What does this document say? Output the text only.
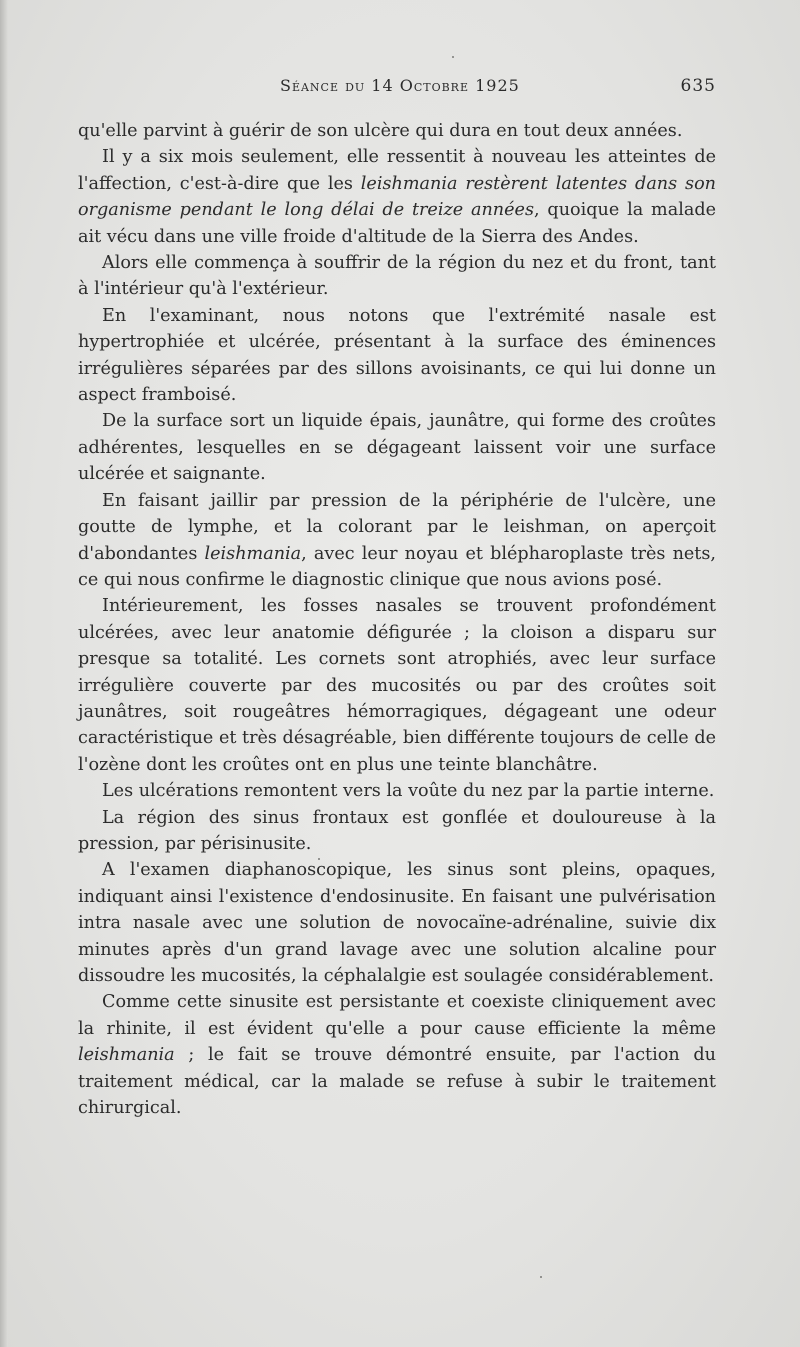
Séance du 14 Octobre 1925	635

qu'elle parvint à guérir de son ulcère qui dura en tout deux années.

Il y a six mois seulement, elle ressentit à nouveau les atteintes de l'affection, c'est-à-dire que les leishmania restèrent latentes dans son organisme pendant le long délai de treize années, quoique la malade ait vécu dans une ville froide d'altitude de la Sierra des Andes.

Alors elle commença à souffrir de la région du nez et du front, tant à l'intérieur qu'à l'extérieur.

En l'examinant, nous notons que l'extrémité nasale est hypertrophiée et ulcérée, présentant à la surface des éminences irrégulières séparées par des sillons avoisinants, ce qui lui donne un aspect framboisé.

De la surface sort un liquide épais, jaunâtre, qui forme des croûtes adhérentes, lesquelles en se dégageant laissent voir une surface ulcérée et saignante.

En faisant jaillir par pression de la périphérie de l'ulcère, une goutte de lymphe, et la colorant par le leishman, on aperçoit d'abondantes leishmania, avec leur noyau et blépharoplaste très nets, ce qui nous confirme le diagnostic clinique que nous avions posé.

Intérieurement, les fosses nasales se trouvent profondément ulcérées, avec leur anatomie défigurée ; la cloison a disparu sur presque sa totalité. Les cornets sont atrophiés, avec leur surface irrégulière couverte par des mucosités ou par des croûtes soit jaunâtres, soit rougeâtres hémorragiques, dégageant une odeur caractéristique et très désagréable, bien différente toujours de celle de l'ozène dont les croûtes ont en plus une teinte blanchâtre.

Les ulcérations remontent vers la voûte du nez par la partie interne.

La région des sinus frontaux est gonflée et douloureuse à la pression, par périsinusite.

A l'examen diaphanoscopique, les sinus sont pleins, opaques, indiquant ainsi l'existence d'endosinusite. En faisant une pulvérisation intra nasale avec une solution de novocaïne-adrénaline, suivie dix minutes après d'un grand lavage avec une solution alcaline pour dissoudre les mucosités, la céphalalgie est soulagée considérablement.

Comme cette sinusite est persistante et coexiste cliniquement avec la rhinite, il est évident qu'elle a pour cause efficiente la même leishmania ; le fait se trouve démontré ensuite, par l'action du traitement médical, car la malade se refuse à subir le traitement chirurgical.
